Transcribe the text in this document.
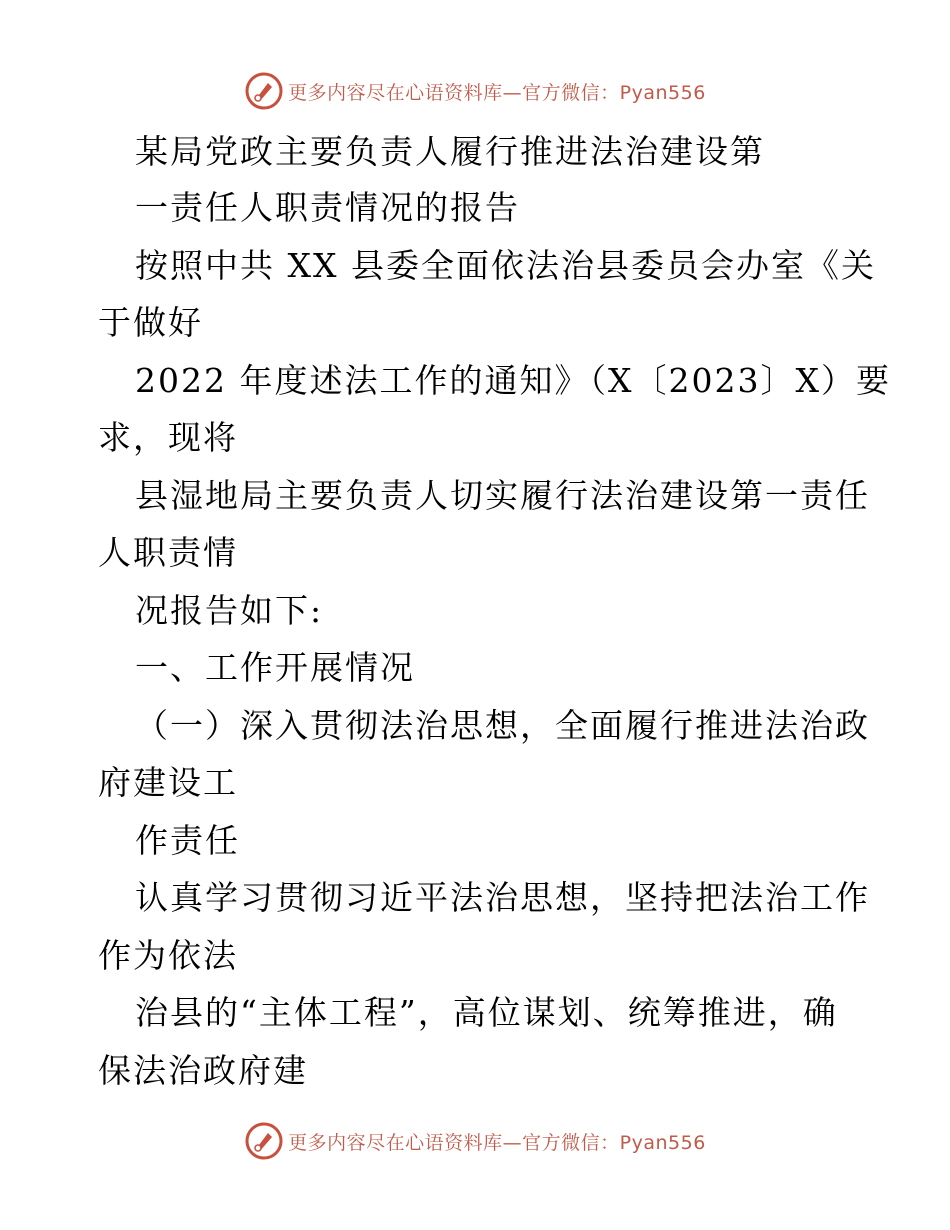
更多内容尽在心语资料库—官方微信：Pyan556
某局党政主要负责人履行推进法治建设第
一责任人职责情况的报告
按照中共 XX 县委全面依法治县委员会办室《关
于做好
2022 年度述法工作的通知》（X〔2023〕X）要
求，现将
县湿地局主要负责人切实履行法治建设第一责任
人职责情
况报告如下:
一、工作开展情况
（一）深入贯彻法治思想，全面履行推进法治政
府建设工
作责任
认真学习贯彻习近平法治思想，坚持把法治工作
作为依法
治县的“主体工程”，高位谋划、统筹推进，确
保法治政府建
更多内容尽在心语资料库—官方微信：Pyan556
